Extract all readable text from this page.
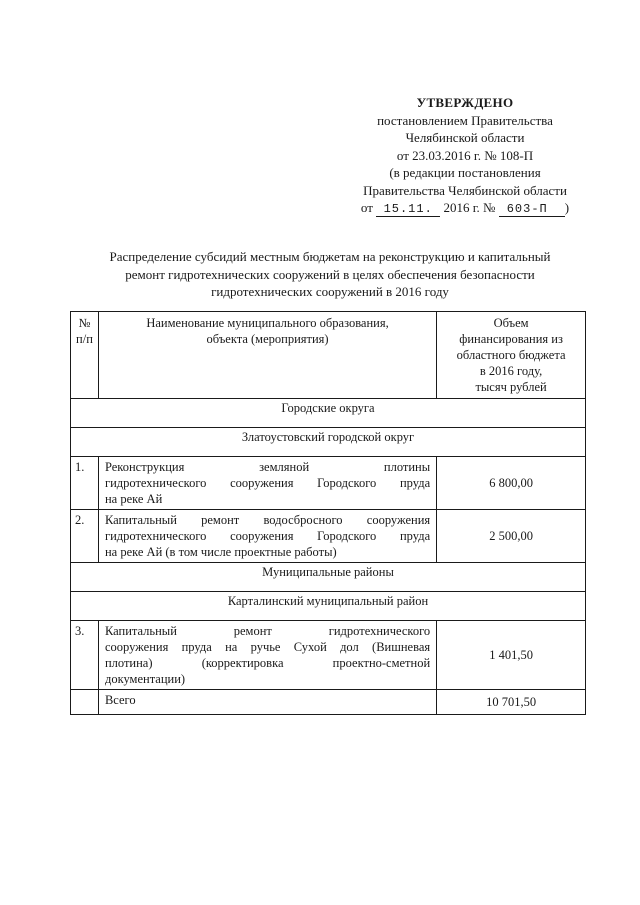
УТВЕРЖДЕНО
постановлением Правительства
Челябинской области
от 23.03.2016 г. № 108-П
(в редакции постановления
Правительства Челябинской области
от 15.11. 2016 г. № 603-П )
Распределение субсидий местным бюджетам на реконструкцию и капитальный
ремонт гидротехнических сооружений в целях обеспечения безопасности
гидротехнических сооружений в 2016 году
№
п/п	Наименование муниципального образования,
объекта (мероприятия)	Объем
финансирования из
областного бюджета
в 2016 году,
тысяч рублей

Городские округа		
Златоустовский городской округ		
1.	Реконструкция земляной плотины
гидротехнического сооружения Городского пруда
на реке Ай	6 800,00
2.	Капитальный ремонт водосбросного сооружения
гидротехнического сооружения Городского пруда
на реке Ай (в том числе проектные работы)	2 500,00
Муниципальные районы		
Карталинский муниципальный район		
3.	Капитальный ремонт гидротехнического
сооружения пруда на ручье Сухой дол (Вишневая
плотина) (корректировка проектно-сметной
документации)	1 401,50
	Всего	10 701,50
